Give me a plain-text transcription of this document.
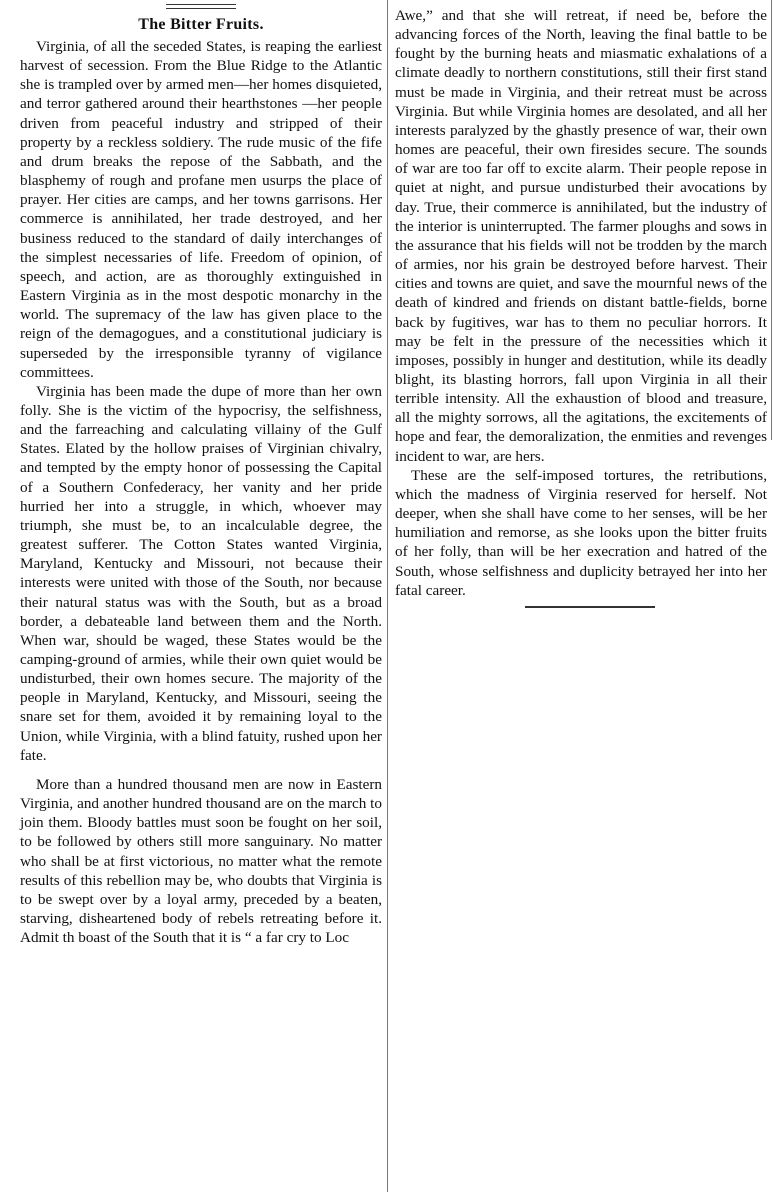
The Bitter Fruits.

Virginia, of all the seceded States, is reaping the earliest harvest of secession. From the Blue Ridge to the Atlantic she is trampled over by armed men—her homes disquieted, and terror gathered around their hearthstones —her people driven from peaceful industry and stripped of their property by a reckless soldiery. The rude music of the fife and drum breaks the repose of the Sabbath, and the blasphemy of rough and profane men usurps the place of prayer. Her cities are camps, and her towns garrisons. Her commerce is annihilated, her trade destroyed, and her business reduced to the standard of daily interchanges of the simplest necessaries of life. Freedom of opinion, of speech, and action, are as thoroughly extinguished in Eastern Virginia as in the most despotic monarchy in the world. The supremacy of the law has given place to the reign of the demagogues, and a constitutional judiciary is superseded by the irresponsible tyranny of vigilance committees.

Virginia has been made the dupe of more than her own folly. She is the victim of the hypocrisy, the selfishness, and the farreaching and calculating villainy of the Gulf States. Elated by the hollow praises of Virginian chivalry, and tempted by the empty honor of possessing the Capital of a Southern Confederacy, her vanity and her pride hurried her into a struggle, in which, whoever may triumph, she must be, to an incalculable degree, the greatest sufferer. The Cotton States wanted Virginia, Maryland, Kentucky and Missouri, not because their interests were united with those of the South, nor because their natural status was with the South, but as a broad border, a debateable land between them and the North. When war, should be waged, these States would be the camping-ground of armies, while their own quiet would be undisturbed, their own homes secure. The majority of the people in Maryland, Kentucky, and Missouri, seeing the snare set for them, avoided it by remaining loyal to the Union, while Virginia, with a blind fatuity, rushed upon her fate.

More than a hundred thousand men are now in Eastern Virginia, and another hundred thousand are on the march to join them. Bloody battles must soon be fought on her soil, to be followed by others still more sanguinary. No matter who shall be at first victorious, no matter what the remote results of this rebellion may be, who doubts that Virginia is to be swept over by a loyal army, preceded by a beaten, starving, disheartened body of rebels retreating before it. Admit th boast of the South that it is “ a far cry to Loc

Awe,” and that she will retreat, if need be, before the advancing forces of the North, leaving the final battle to be fought by the burning heats and miasmatic exhalations of a climate deadly to northern constitutions, still their first stand must be made in Virginia, and their retreat must be across Virginia. But while Virginia homes are desolated, and all her interests paralyzed by the ghastly presence of war, their own homes are peaceful, their own firesides secure. The sounds of war are too far off to excite alarm. Their people repose in quiet at night, and pursue undisturbed their avocations by day. True, their commerce is annihilated, but the industry of the interior is uninterrupted. The farmer ploughs and sows in the assurance that his fields will not be trodden by the march of armies, nor his grain be destroyed before harvest. Their cities and towns are quiet, and save the mournful news of the death of kindred and friends on distant battle-fields, borne back by fugitives, war has to them no peculiar horrors. It may be felt in the pressure of the necessities which it imposes, possibly in hunger and destitution, while its deadly blight, its blasting horrors, fall upon Virginia in all their terrible intensity. All the exhaustion of blood and treasure, all the mighty sorrows, all the agitations, the excitements of hope and fear, the demoralization, the enmities and revenges incident to war, are hers.

These are the self-imposed tortures, the retributions, which the madness of Virginia reserved for herself. Not deeper, when she shall have come to her senses, will be her humiliation and remorse, as she looks upon the bitter fruits of her folly, than will be her execration and hatred of the South, whose selfishness and duplicity betrayed her into her fatal career.
